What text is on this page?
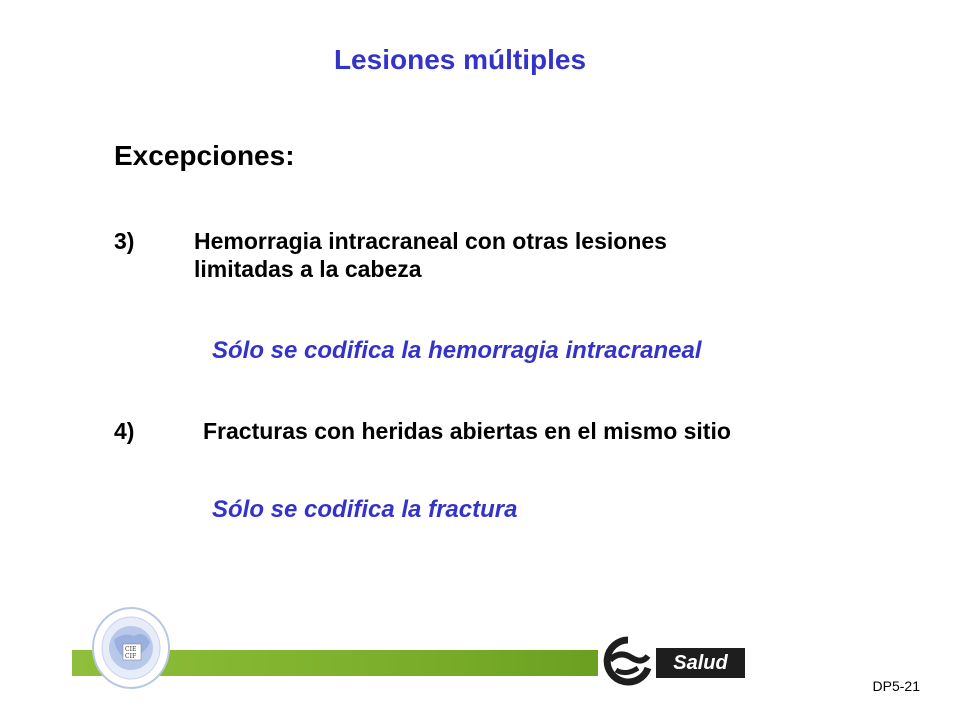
Lesiones múltiples
Excepciones:
3)	Hemorragia intracraneal con otras lesiones
limitadas a la cabeza
Sólo se codifica la hemorragia intracraneal
4)	Fracturas con heridas abiertas en el mismo sitio
Sólo se codifica la fractura
CIE
CIF	Salud
DP5-21
